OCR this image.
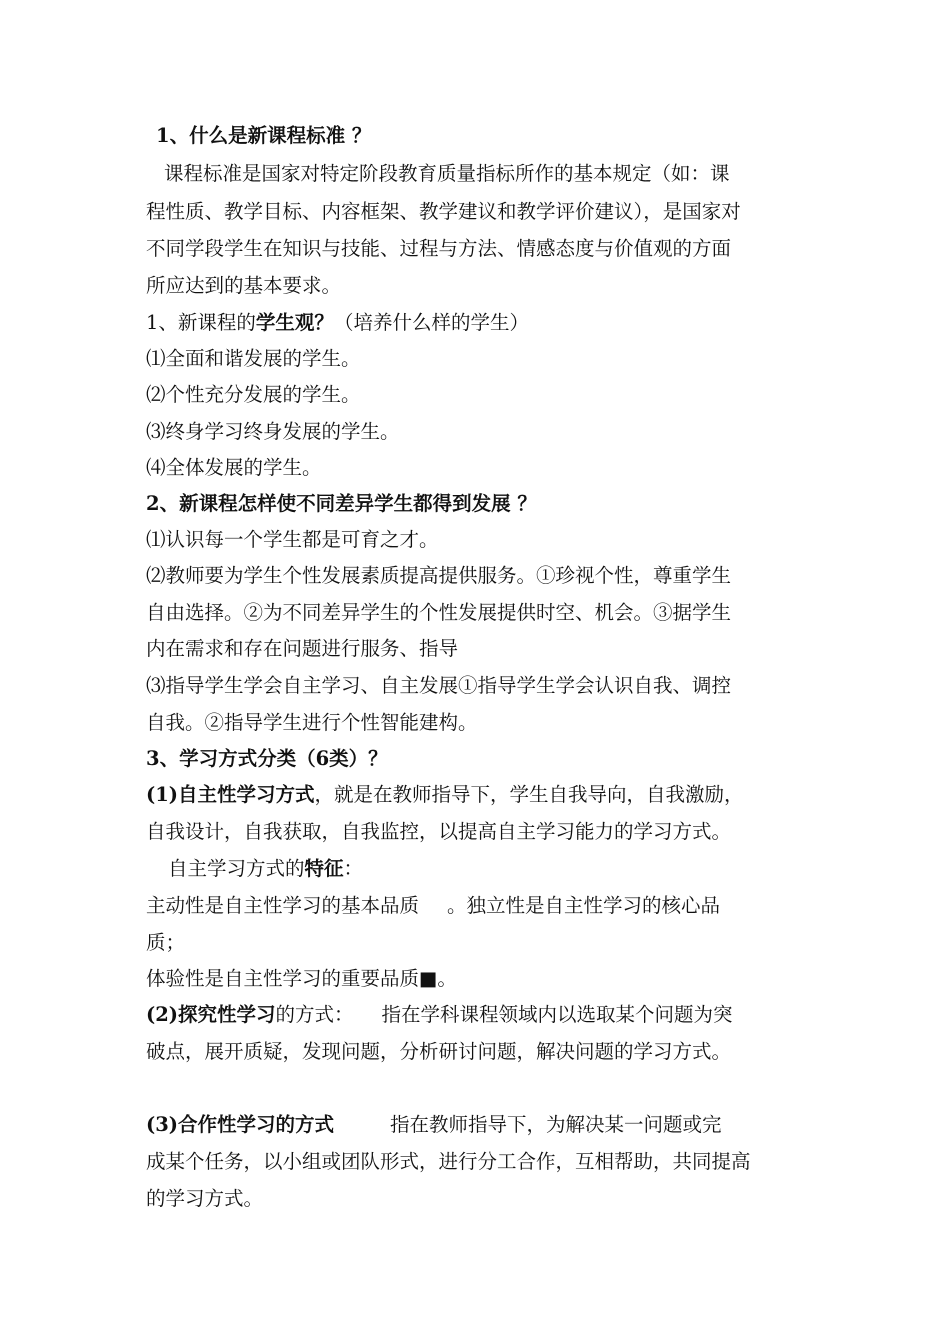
1、什么是新课程标准 ？
课程标准是国家对特定阶段教育质量指标所作的基本规定（如：课
程性质、教学目标、内容框架、教学建议和教学评价建议），是国家对
不同学段学生在知识与技能、过程与方法、情感态度与价值观的方面
所应达到的基本要求。
1、新课程的学生观？（培养什么样的学生）
⑴全面和谐发展的学生。
⑵个性充分发展的学生。
⑶终身学习终身发展的学生。
⑷全体发展的学生。
2、新课程怎样使不同差异学生都得到发展 ？
⑴认识每一个学生都是可育之才。
⑵教师要为学生个性发展素质提高提供服务。①珍视个性，尊重学生
自由选择。②为不同差异学生的个性发展提供时空、机会。③据学生
内在需求和存在问题进行服务、指导
⑶指导学生学会自主学习、自主发展①指导学生学会认识自我、调控
自我。②指导学生进行个性智能建构。
3、学习方式分类（6类）？
(1)自主性学习方式，就是在教师指导下，学生自我导向，自我激励，
自我设计，自我获取，自我监控，以提高自主学习能力的学习方式。
自主学习方式的特征：
主动性是自主性学习的基本品质 。独立性是自主性学习的核心品
质；
体验性是自主性学习的重要品质■。
(2)探究性学习的方式： 指在学科课程领域内以选取某个问题为突
破点，展开质疑，发现问题，分析研讨问题，解决问题的学习方式。
(3)合作性学习的方式	指在教师指导下，为解决某一问题或完
成某个任务，以小组或团队形式，进行分工合作，互相帮助，共同提高
的学习方式。
